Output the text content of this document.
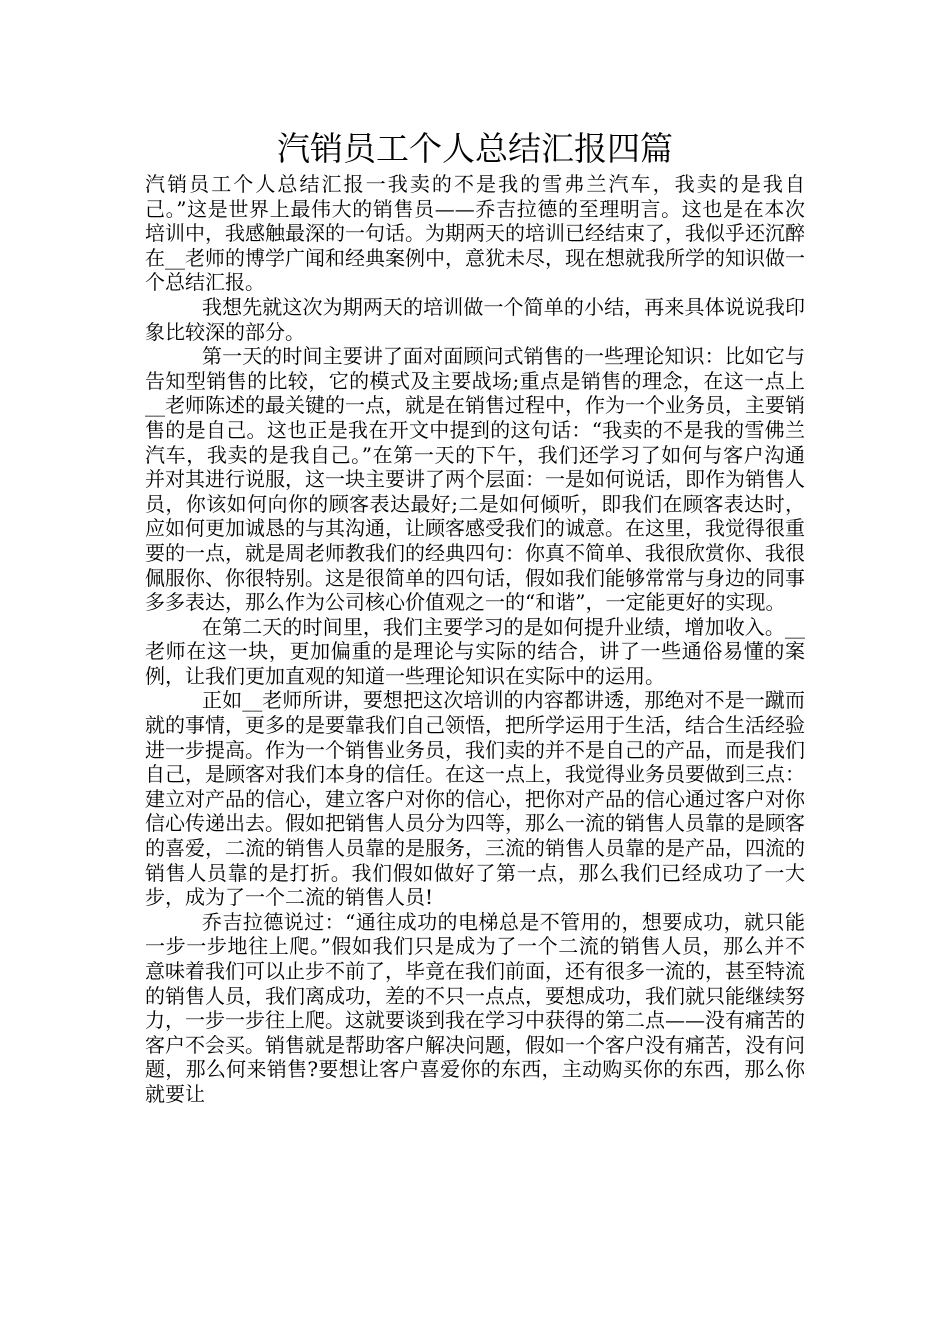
汽销员工个人总结汇报四篇

汽销员工个人总结汇报一我卖的不是我的雪弗兰汽车，我卖的是我自己。”这是世界上最伟大的销售员——乔吉拉德的至理明言。这也是在本次培训中，我感触最深的一句话。为期两天的培训已经结束了，我似乎还沉醉在__老师的博学广闻和经典案例中，意犹未尽，现在想就我所学的知识做一个总结汇报。

我想先就这次为期两天的培训做一个简单的小结，再来具体说说我印象比较深的部分。

第一天的时间主要讲了面对面顾问式销售的一些理论知识：比如它与告知型销售的比较，它的模式及主要战场;重点是销售的理念，在这一点上__老师陈述的最关键的一点，就是在销售过程中，作为一个业务员，主要销售的是自己。这也正是我在开文中提到的这句话：“我卖的不是我的雪佛兰汽车，我卖的是我自己。”在第一天的下午，我们还学习了如何与客户沟通并对其进行说服，这一块主要讲了两个层面：一是如何说话，即作为销售人员，你该如何向你的顾客表达最好;二是如何倾听，即我们在顾客表达时，应如何更加诚恳的与其沟通，让顾客感受我们的诚意。在这里，我觉得很重要的一点，就是周老师教我们的经典四句：你真不简单、我很欣赏你、我很佩服你、你很特别。这是很简单的四句话，假如我们能够常常与身边的同事多多表达，那么作为公司核心价值观之一的“和谐”，一定能更好的实现。

在第二天的时间里，我们主要学习的是如何提升业绩，增加收入。__老师在这一块，更加偏重的是理论与实际的结合，讲了一些通俗易懂的案例，让我们更加直观的知道一些理论知识在实际中的运用。

正如__老师所讲，要想把这次培训的内容都讲透，那绝对不是一蹴而就的事情，更多的是要靠我们自己领悟，把所学运用于生活，结合生活经验进一步提高。作为一个销售业务员，我们卖的并不是自己的产品，而是我们自己，是顾客对我们本身的信任。在这一点上，我觉得业务员要做到三点：建立对产品的信心，建立客户对你的信心，把你对产品的信心通过客户对你信心传递出去。假如把销售人员分为四等，那么一流的销售人员靠的是顾客的喜爱，二流的销售人员靠的是服务，三流的销售人员靠的是产品，四流的销售人员靠的是打折。我们假如做好了第一点，那么我们已经成功了一大步，成为了一个二流的销售人员!

乔吉拉德说过：“通往成功的电梯总是不管用的，想要成功，就只能一步一步地往上爬。”假如我们只是成为了一个二流的销售人员，那么并不意味着我们可以止步不前了，毕竟在我们前面，还有很多一流的，甚至特流的销售人员，我们离成功，差的不只一点点，要想成功，我们就只能继续努力，一步一步往上爬。这就要谈到我在学习中获得的第二点——没有痛苦的客户不会买。销售就是帮助客户解决问题，假如一个客户没有痛苦，没有问题，那么何来销售?要想让客户喜爱你的东西，主动购买你的东西，那么你就要让
